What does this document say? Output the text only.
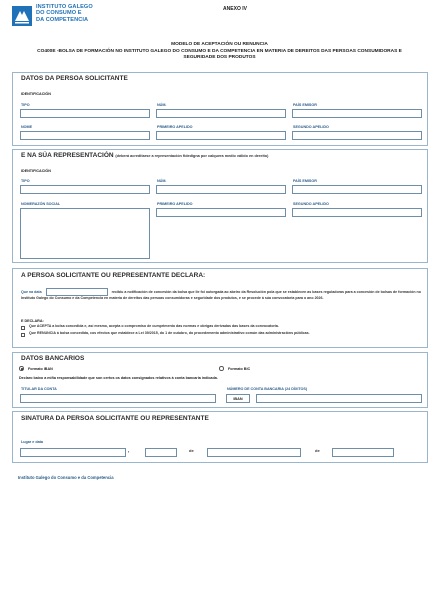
INSTITUTO GALEGO
DO CONSUMO E
DA COMPETENCIA
ANEXO IV
MODELO DE ACEPTACIÓN OU RENUNCIA
CO400E -BOLSA DE FORMACIÓN NO INSTITUTO GALEGO DO CONSUMO E DA COMPETENCIA EN MATERIA DE DEREITOS DAS PERSOAS CONSUMIDORAS E SEGURIDADE DOS PRODUTOS
DATOS DA PERSOA SOLICITANTE
IDENTIFICACIÓN
TIPO	NÚM.	PAÍS EMISOR
NOME	PRIMEIRO APELIDO	SEGUNDO APELIDO
E NA SÚA REPRESENTACIÓN (deberá acreditarse a representación fidedigna por calquera medio válido en dereito)
IDENTIFICACIÓN
TIPO	NÚM.	PAÍS EMISOR
NOMERAZÓN SOCIAL	PRIMEIRO APELIDO	SEGUNDO APELIDO
A PERSOA SOLICITANTE OU REPRESENTANTE DECLARA:
Que na data	recibiu a notificación de concesión da bolsa que lle foi outorgada ao abeiro da Resolución pola que se establecen as bases reguladoras para a concesión de bolsas de formación no Instituto Galego do Consumo e da Competencia en materia de dereitos das persoas consumidoras e seguridade dos produtos, e se procede á súa convocatoria para o ano 2026.
E DECLARA:
Que ACEPTA a bolsa concedida e, así mesmo, acepta o compromiso de cumprimento das normas e obrigas derivadas das bases da convocatoria.
Que RENUNCIA á bolsa concedida, cos efectos que establece a Lei 39/2015, do 1 de outubro, do procedemento administrativo común das administracións públicas.
DATOS BANCARIOS
Formato IBAN	Formato BIC
Declaro baixo a miña responsabilidade que son certos os datos consignados relativos á conta bancaria indicada.
TITULAR DA CONTA	NÚMERO DE CONTA BANCARIA (24 DÍXITOS)
IBAN
SINATURA DA PERSOA SOLICITANTE OU REPRESENTANTE
Lugar e data
,	de	de
Instituto Galego do Consumo e da Competencia
